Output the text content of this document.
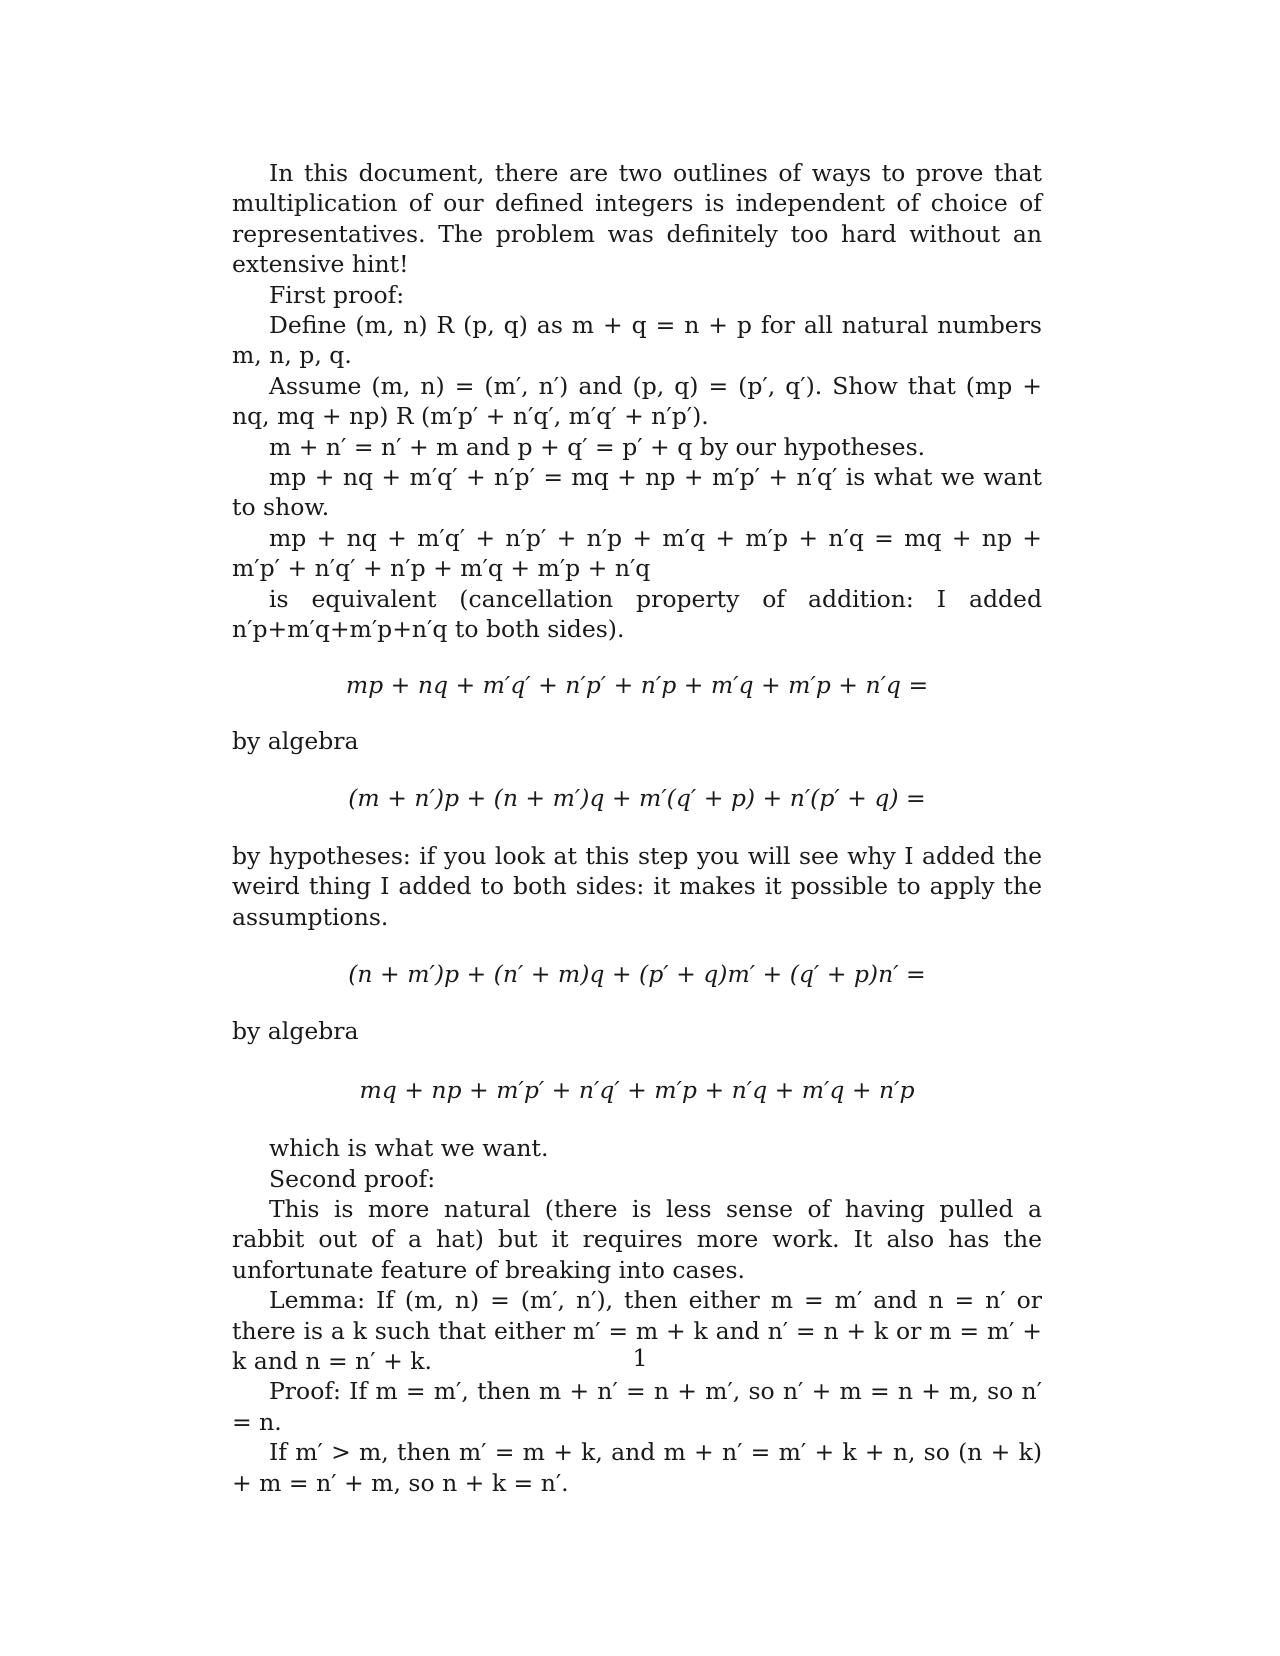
In this document, there are two outlines of ways to prove that multiplication of our defined integers is independent of choice of representatives. The problem was definitely too hard without an extensive hint!

First proof:

Define (m, n) R (p, q) as m + q = n + p for all natural numbers m, n, p, q.

Assume (m, n) = (m′, n′) and (p, q) = (p′, q′). Show that (mp + nq, mq + np) R (m′p′ + n′q′, m′q′ + n′p′).

m + n′ = n′ + m and p + q′ = p′ + q by our hypotheses.

mp + nq + m′q′ + n′p′ = mq + np + m′p′ + n′q′ is what we want to show.

mp + nq + m′q′ + n′p′ + n′p + m′q + m′p + n′q = mq + np + m′p′ + n′q′ + n′p + m′q + m′p + n′q

is equivalent (cancellation property of addition: I added n′p+m′q+m′p+n′q to both sides).

mp + nq + m′q′ + n′p′ + n′p + m′q + m′p + n′q =

by algebra

(m + n′)p + (n + m′)q + m′(q′ + p) + n′(p′ + q) =

by hypotheses: if you look at this step you will see why I added the weird thing I added to both sides: it makes it possible to apply the assumptions.

(n + m′)p + (n′ + m)q + (p′ + q)m′ + (q′ + p)n′ =

by algebra

mq + np + m′p′ + n′q′ + m′p + n′q + m′q + n′p

which is what we want.

Second proof:

This is more natural (there is less sense of having pulled a rabbit out of a hat) but it requires more work. It also has the unfortunate feature of breaking into cases.

Lemma: If (m, n) = (m′, n′), then either m = m′ and n = n′ or there is a k such that either m′ = m + k and n′ = n + k or m = m′ + k and n = n′ + k.

Proof: If m = m′, then m + n′ = n + m′, so n′ + m = n + m, so n′ = n.

If m′ > m, then m′ = m + k, and m + n′ = m′ + k + n, so (n + k) + m = n′ + m, so n + k = n′.

1
